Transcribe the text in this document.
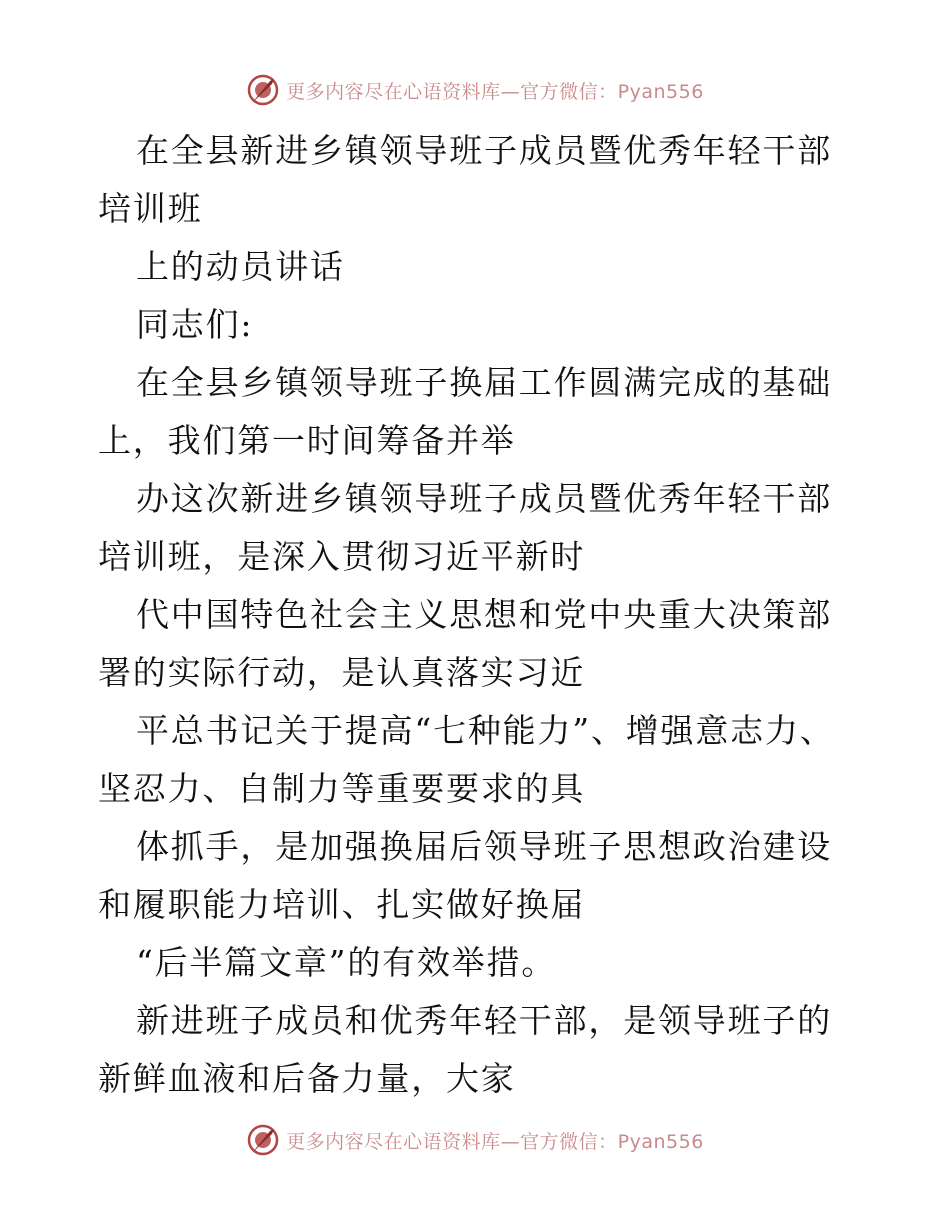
更多内容尽在心语资料库—官方微信：Pyan556

在全县新进乡镇领导班子成员暨优秀年轻干部培训班

上的动员讲话

同志们:

在全县乡镇领导班子换届工作圆满完成的基础上，我们第一时间筹备并举

办这次新进乡镇领导班子成员暨优秀年轻干部培训班，是深入贯彻习近平新时

代中国特色社会主义思想和党中央重大决策部署的实际行动，是认真落实习近

平总书记关于提高“七种能力”、增强意志力、坚忍力、自制力等重要要求的具

体抓手，是加强换届后领导班子思想政治建设和履职能力培训、扎实做好换届

“后半篇文章”的有效举措。

新进班子成员和优秀年轻干部，是领导班子的新鲜血液和后备力量，大家

更多内容尽在心语资料库—官方微信：Pyan556
